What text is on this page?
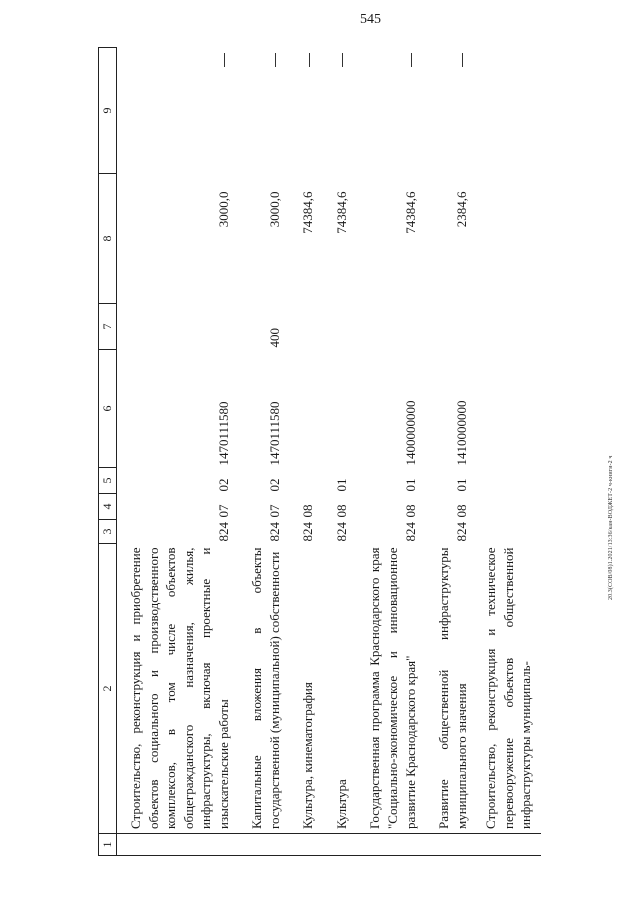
545
20.3(СОВ/08)1.2021/13:36/кан-ВОДЖЕТ-2 ч-книги-2 ч
1	2	3	4	5	6	7	8	9
	Строительство, реконструкция и приобретение объектов социального и производственного комплексов, в том числе объектов общегражданского назначения, жилья, инфраструктуры, включая проектные и изыскательские работы	824	07	02	1470111580		3000,0	
	Капитальные вложения в объекты государственной (муниципальной) собственности	824	07	02	1470111580	400	3000,0	
	Культура, кинематография	824	08				74384,6	
	Культура	824	08	01			74384,6	
	Государственная программа Краснодарского края "Социально-экономическое и инновационное развитие Краснодарского края"	824	08	01	1400000000		74384,6	
	Развитие общественной инфраструктуры муниципального значения	824	08	01	1410000000		2384,6	
	Строительство, реконструкция и техническое перевооружение объектов общественной инфраструктуры муниципаль-							
